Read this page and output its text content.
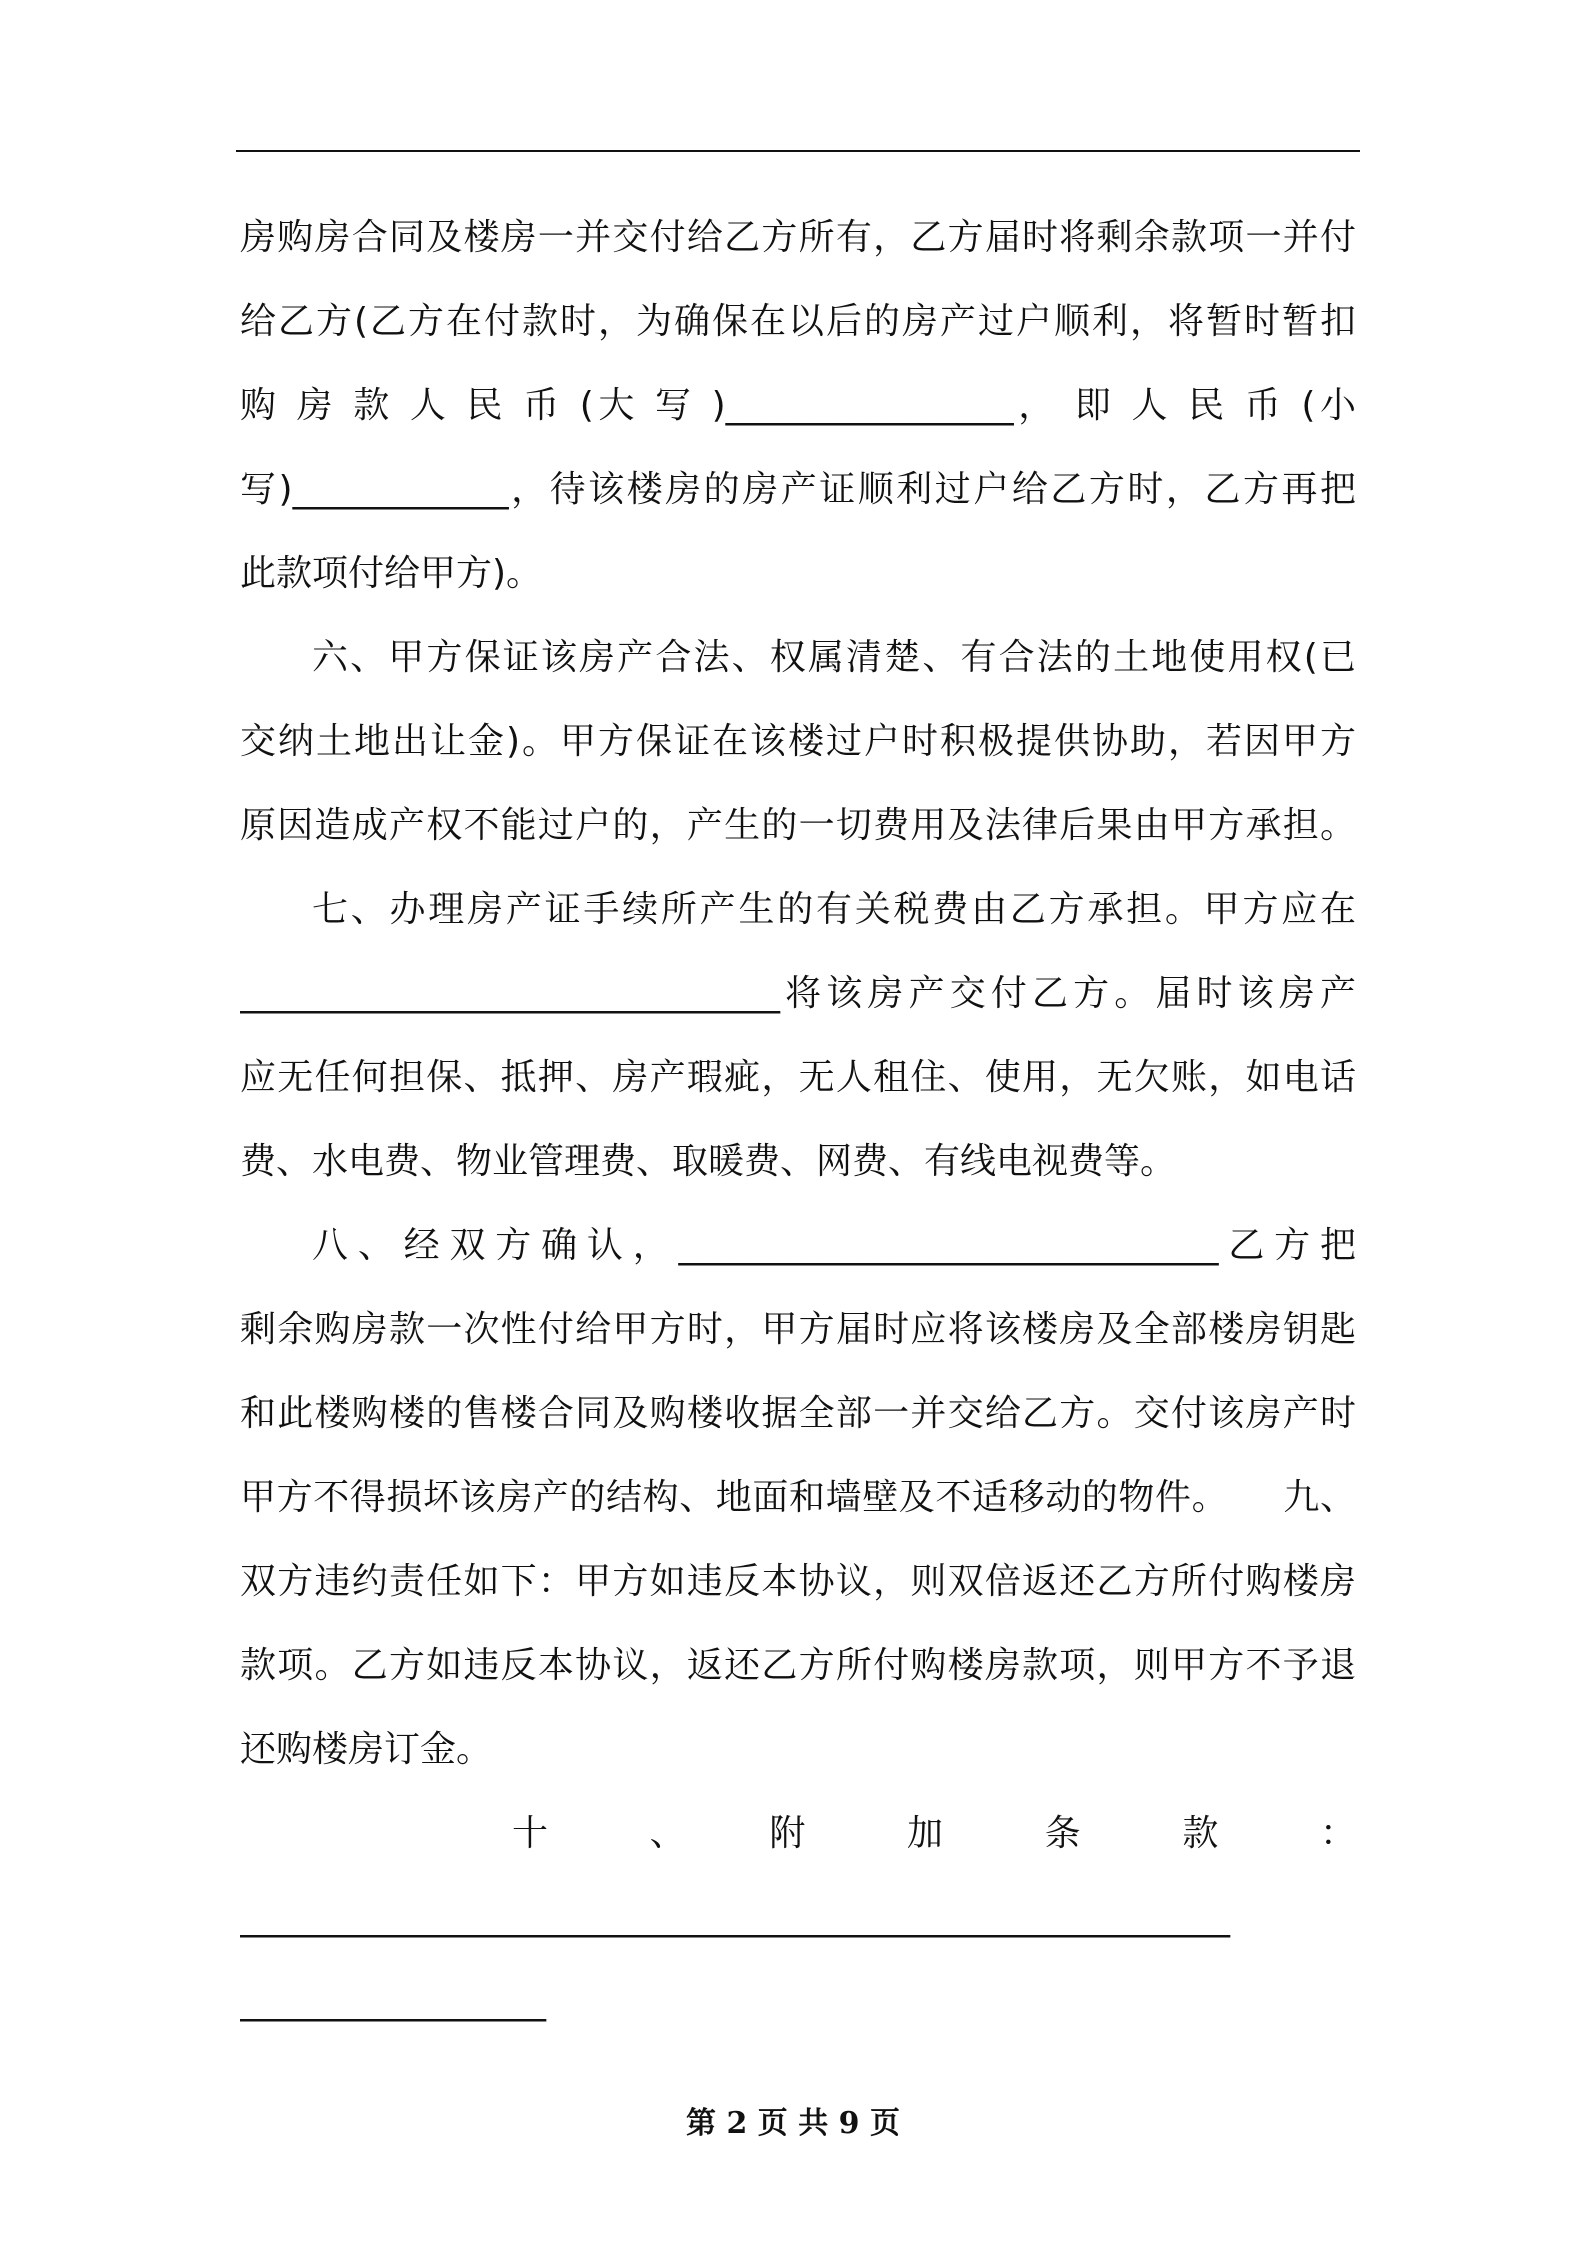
房购房合同及楼房一并交付给乙方所有，乙方届时将剩余款项一并付
给乙方(乙方在付款时，为确保在以后的房产过户顺利，将暂时暂扣
购 房 款 人 民 币 (大 写 )________________， 即 人 民 币 (小
写)____________，待该楼房的房产证顺利过户给乙方时，乙方再把
此款项付给甲方)。
六、甲方保证该房产合法、权属清楚、有合法的土地使用权(已
交纳土地出让金)。甲方保证在该楼过户时积极提供协助，若因甲方
原因造成产权不能过户的，产生的一切费用及法律后果由甲方承担。
七、办理房产证手续所产生的有关税费由乙方承担。甲方应在
______________________________将该房产交付乙方。届时该房产
应无任何担保、抵押、房产瑕疵，无人租住、使用，无欠账，如电话
费、水电费、物业管理费、取暖费、网费、有线电视费等。
八、经双方确认，______________________________乙方把
剩余购房款一次性付给甲方时，甲方届时应将该楼房及全部楼房钥匙
和此楼购楼的售楼合同及购楼收据全部一并交给乙方。交付该房产时
甲方不得损坏该房产的结构、地面和墙壁及不适移动的物件。　　九、
双方违约责任如下：甲方如违反本协议，则双倍返还乙方所付购楼房
款项。乙方如违反本协议，返还乙方所付购楼房款项，则甲方不予退
还购楼房订金。
十　　、　　附　　加　　条　　款　　：
_______________________________________________________
_________________
第 2 页 共 9 页
